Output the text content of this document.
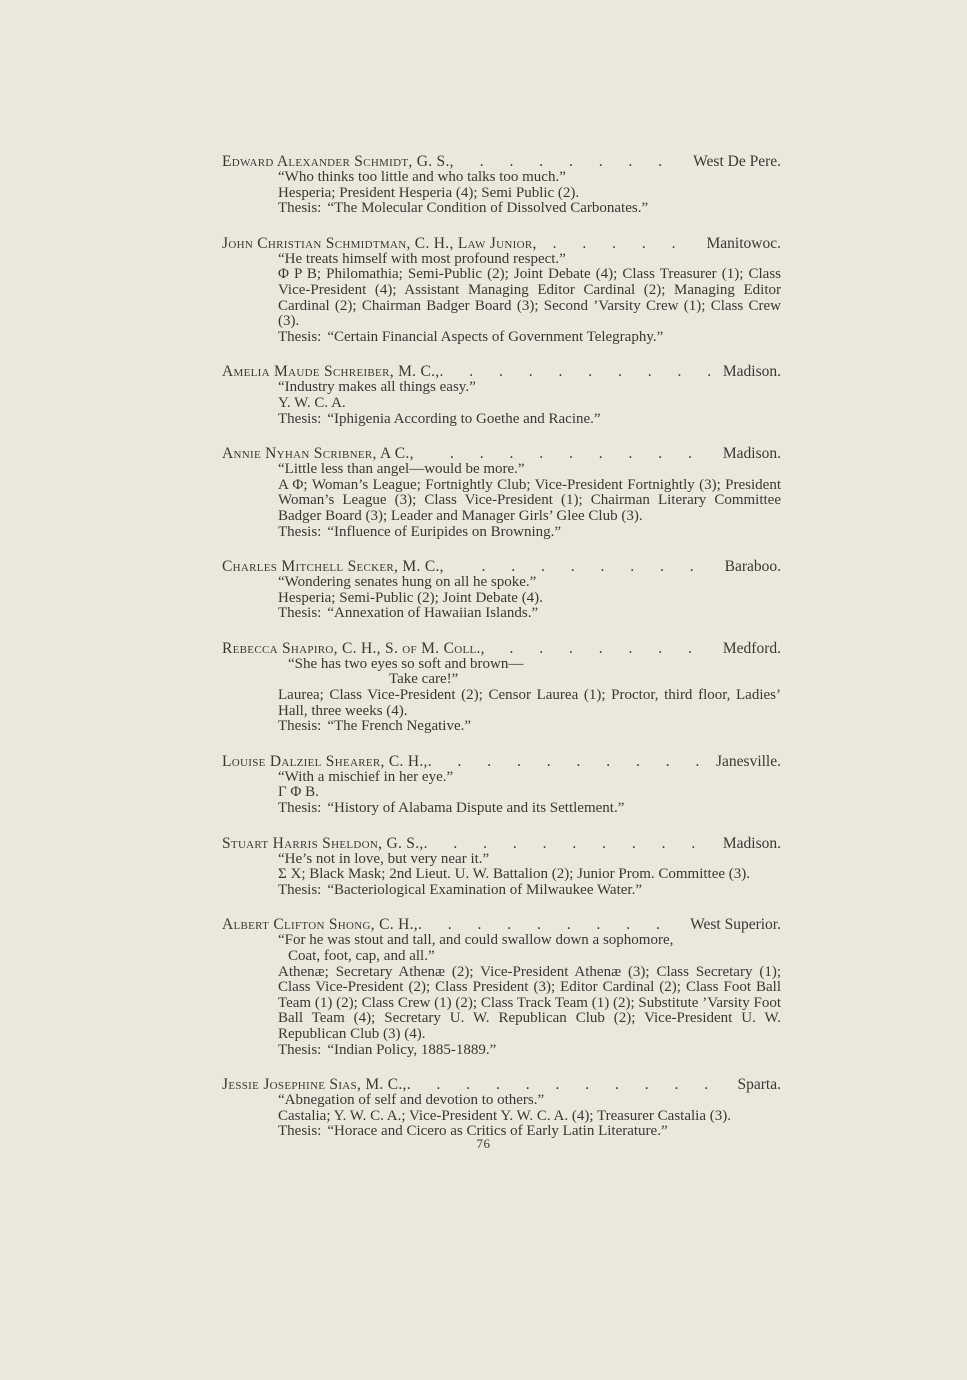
Edward Alexander Schmidt, G. S.,	. . . . . . .	West De Pere.
“Who thinks too little and who talks too much.”
Hesperia; President Hesperia (4); Semi Public (2).
Thesis: “The Molecular Condition of Dissolved Carbonates.”
John Christian Schmidtman, C. H., Law Junior,	. . . . .	Manitowoc.
“He treats himself with most profound respect.”
Φ P B; Philomathia; Semi-Public (2); Joint Debate (4); Class Treasurer (1); Class Vice-President (4); Assistant Managing Editor Cardinal (2); Managing Editor Cardinal (2); Chairman Badger Board (3); Second ’Varsity Crew (1); Class Crew (3).
Thesis: “Certain Financial Aspects of Government Telegraphy.”
Amelia Maude Schreiber, M. C., . . . . . . . . . . Madison.
“Industry makes all things easy.”
Y. W. C. A.
Thesis: “Iphigenia According to Goethe and Racine.”
Annie Nyhan Scribner, A C.,	. . . . . . . . .	Madison.
“Little less than angel—would be more.”
Α Φ; Woman’s League; Fortnightly Club; Vice-President Fortnightly (3); President Woman’s League (3); Class Vice-President (1); Chairman Literary Committee Badger Board (3); Leader and Manager Girls’ Glee Club (3).
Thesis: “Influence of Euripides on Browning.”
Charles Mitchell Secker, M. C.,	. . . . . . . .	Baraboo.
“Wondering senates hung on all he spoke.”
Hesperia; Semi-Public (2); Joint Debate (4).
Thesis: “Annexation of Hawaiian Islands.”
Rebecca Shapiro, C. H., S. of M. Coll.,	. . . . . . .	Medford.
“She has two eyes so soft and brown—
Take care!”
Laurea; Class Vice-President (2); Censor Laurea (1); Proctor, third floor, Ladies’ Hall, three weeks (4).
Thesis: “The French Negative.”
Louise Dalziel Shearer, C. H., . . . . . . . . . . Janesville.
“With a mischief in her eye.”
Γ Φ B.
Thesis: “History of Alabama Dispute and its Settlement.”
Stuart Harris Sheldon, G. S., . . . . . . . . . .	Madison.
“He’s not in love, but very near it.”
Σ X; Black Mask; 2nd Lieut. U. W. Battalion (2); Junior Prom. Committee (3).
Thesis: “Bacteriological Examination of Milwaukee Water.”
Albert Clifton Shong, C. H., . . . . . . . . .	West Superior.
“For he was stout and tall, and could swallow down a sophomore,
Coat, foot, cap, and all.”
Athenæ; Secretary Athenæ (2); Vice-President Athenæ (3); Class Secretary (1); Class Vice-President (2); Class President (3); Editor Cardinal (2); Class Foot Ball Team (1) (2); Class Crew (1) (2); Class Track Team (1) (2); Substitute ’Varsity Foot Ball Team (4); Secretary U. W. Republican Club (2); Vice-President U. W. Republican Club (3) (4).
Thesis: “Indian Policy, 1885-1889.”
Jessie Josephine Sias, M. C., . . . . . . . . . . .	Sparta.
“Abnegation of self and devotion to others.”
Castalia; Y. W. C. A.; Vice-President Y. W. C. A. (4); Treasurer Castalia (3).
Thesis: “Horace and Cicero as Critics of Early Latin Literature.”
76
